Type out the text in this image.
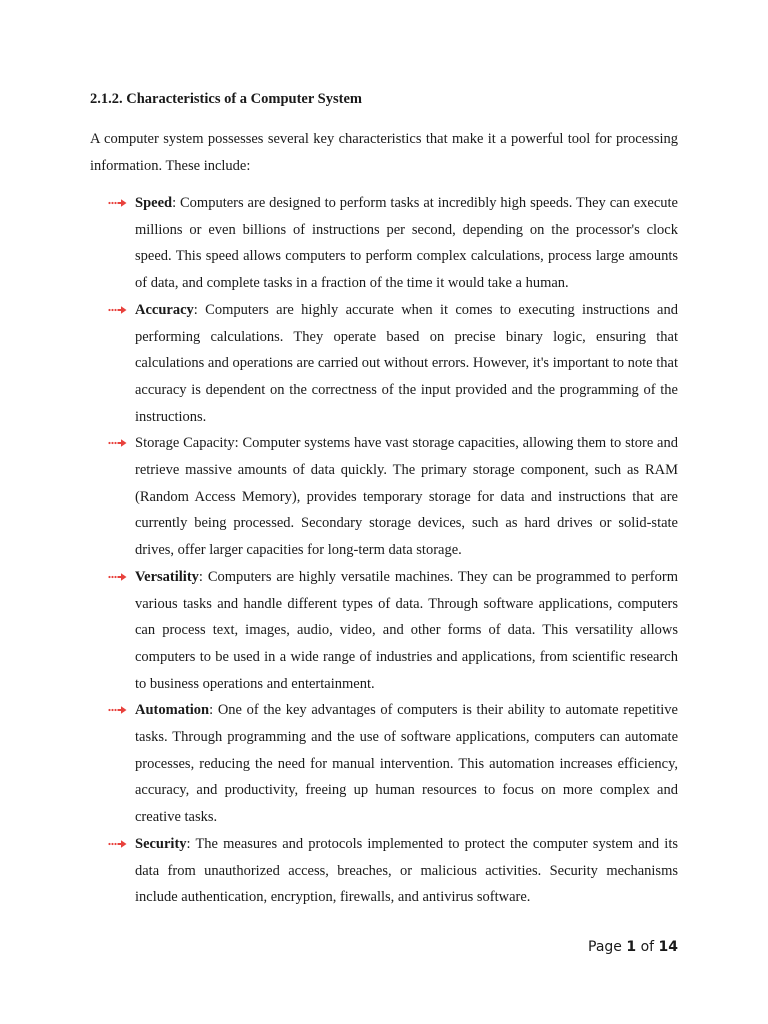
2.1.2. Characteristics of a Computer System

A computer system possesses several key characteristics that make it a powerful tool for processing information. These include:

Speed: Computers are designed to perform tasks at incredibly high speeds. They can execute millions or even billions of instructions per second, depending on the processor's clock speed. This speed allows computers to perform complex calculations, process large amounts of data, and complete tasks in a fraction of the time it would take a human.
Accuracy: Computers are highly accurate when it comes to executing instructions and performing calculations. They operate based on precise binary logic, ensuring that calculations and operations are carried out without errors. However, it's important to note that accuracy is dependent on the correctness of the input provided and the programming of the instructions.
Storage Capacity: Computer systems have vast storage capacities, allowing them to store and retrieve massive amounts of data quickly. The primary storage component, such as RAM (Random Access Memory), provides temporary storage for data and instructions that are currently being processed. Secondary storage devices, such as hard drives or solid-state drives, offer larger capacities for long-term data storage.
Versatility: Computers are highly versatile machines. They can be programmed to perform various tasks and handle different types of data. Through software applications, computers can process text, images, audio, video, and other forms of data. This versatility allows computers to be used in a wide range of industries and applications, from scientific research to business operations and entertainment.
Automation: One of the key advantages of computers is their ability to automate repetitive tasks. Through programming and the use of software applications, computers can automate processes, reducing the need for manual intervention. This automation increases efficiency, accuracy, and productivity, freeing up human resources to focus on more complex and creative tasks.
Security: The measures and protocols implemented to protect the computer system and its data from unauthorized access, breaches, or malicious activities. Security mechanisms include authentication, encryption, firewalls, and antivirus software.
Page 1 of 14
